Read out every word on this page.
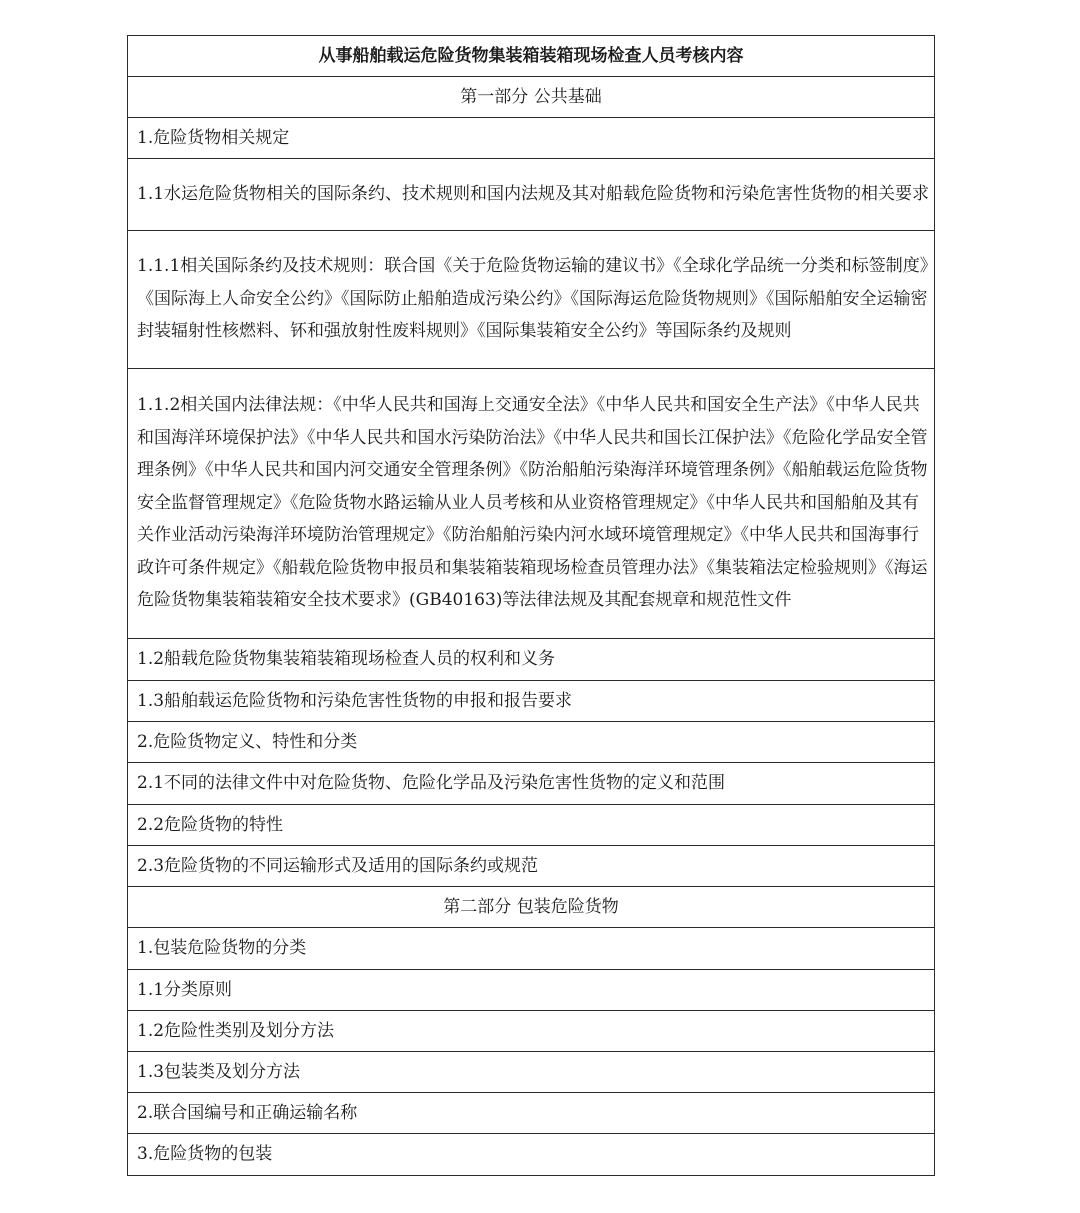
从事船舶载运危险货物集装箱装箱现场检查人员考核内容
第一部分 公共基础
1.危险货物相关规定
1.1水运危险货物相关的国际条约、技术规则和国内法规及其对船载危险货物和污染危害性货物的相关要求
1.1.1相关国际条约及技术规则：联合国《关于危险货物运输的建议书》《全球化学品统一分类和标签制度》《国际海上人命安全公约》《国际防止船舶造成污染公约》《国际海运危险货物规则》《国际船舶安全运输密封装辐射性核燃料、钚和强放射性废料规则》《国际集装箱安全公约》等国际条约及规则
1.1.2相关国内法律法规：《中华人民共和国海上交通安全法》《中华人民共和国安全生产法》《中华人民共和国海洋环境保护法》《中华人民共和国水污染防治法》《中华人民共和国长江保护法》《危险化学品安全管理条例》《中华人民共和国内河交通安全管理条例》《防治船舶污染海洋环境管理条例》《船舶载运危险货物安全监督管理规定》《危险货物水路运输从业人员考核和从业资格管理规定》《中华人民共和国船舶及其有关作业活动污染海洋环境防治管理规定》《防治船舶污染内河水域环境管理规定》《中华人民共和国海事行政许可条件规定》《船载危险货物申报员和集装箱装箱现场检查员管理办法》《集装箱法定检验规则》《海运危险货物集装箱装箱安全技术要求》(GB40163)等法律法规及其配套规章和规范性文件
1.2船载危险货物集装箱装箱现场检查人员的权利和义务
1.3船舶载运危险货物和污染危害性货物的申报和报告要求
2.危险货物定义、特性和分类
2.1不同的法律文件中对危险货物、危险化学品及污染危害性货物的定义和范围
2.2危险货物的特性
2.3危险货物的不同运输形式及适用的国际条约或规范
第二部分 包装危险货物
1.包装危险货物的分类
1.1分类原则
1.2危险性类别及划分方法
1.3包装类及划分方法
2.联合国编号和正确运输名称
3.危险货物的包装
